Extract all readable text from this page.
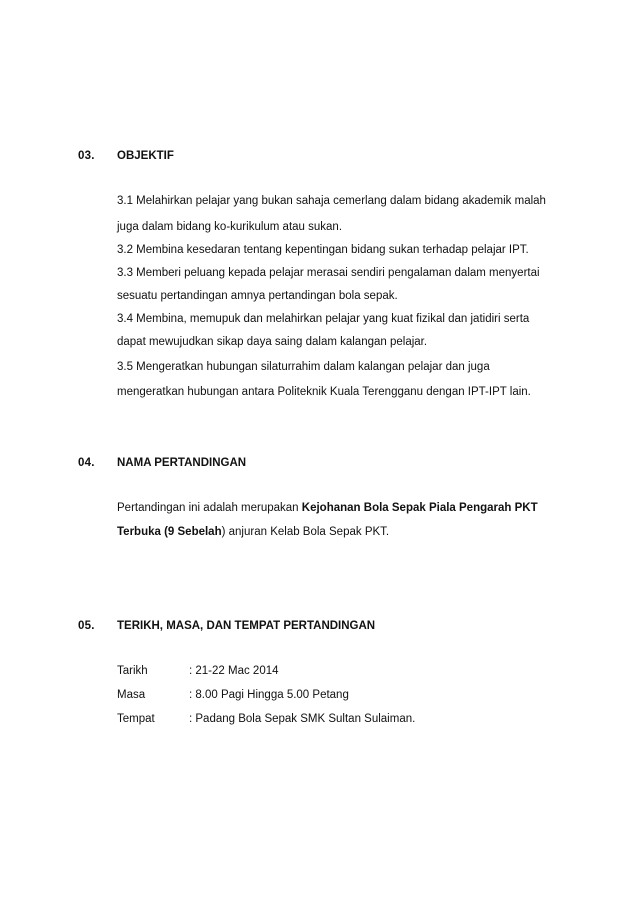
03. OBJEKTIF
3.1 Melahirkan pelajar yang bukan sahaja cemerlang dalam bidang akademik malah
juga dalam bidang ko-kurikulum atau sukan.
3.2 Membina kesedaran tentang kepentingan bidang sukan terhadap pelajar IPT.
3.3 Memberi peluang kepada pelajar merasai sendiri pengalaman dalam menyertai
sesuatu pertandingan amnya pertandingan bola sepak.
3.4 Membina, memupuk dan melahirkan pelajar yang kuat fizikal dan jatidiri serta
dapat mewujudkan sikap daya saing dalam kalangan pelajar.
3.5 Mengeratkan hubungan silaturrahim dalam kalangan pelajar dan juga
mengeratkan hubungan antara Politeknik Kuala Terengganu dengan IPT-IPT lain.
04. NAMA PERTANDINGAN
Pertandingan ini adalah merupakan Kejohanan Bola Sepak Piala Pengarah PKT
Terbuka (9 Sebelah) anjuran Kelab Bola Sepak PKT.
05. TERIKH, MASA, DAN TEMPAT PERTANDINGAN
Tarikh	: 21-22 Mac 2014
Masa	: 8.00 Pagi Hingga 5.00 Petang
Tempat	: Padang Bola Sepak SMK Sultan Sulaiman.
